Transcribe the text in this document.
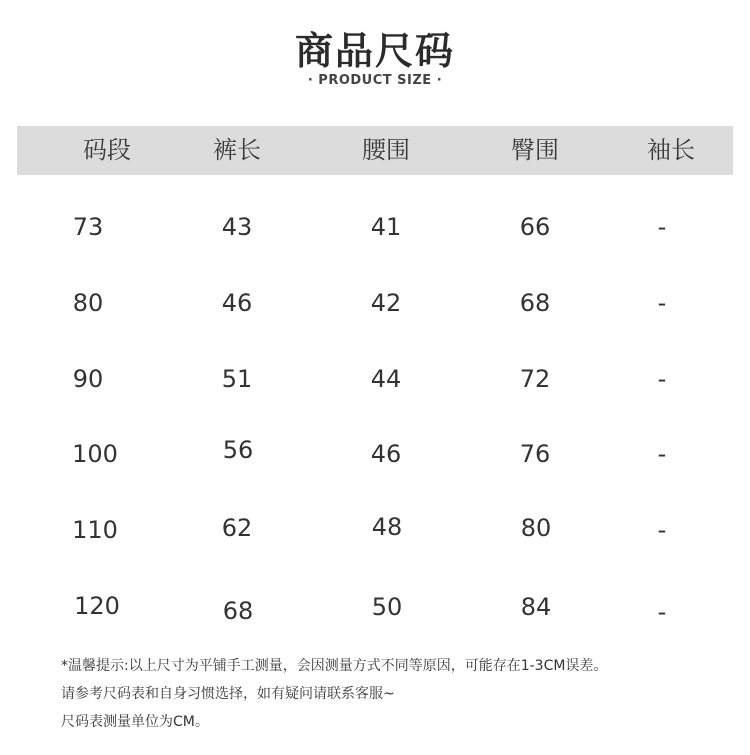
商品尺码
· PRODUCT SIZE ·
码段	裤长	腰围	臀围	袖长
73	43	41	66	-
80	46	42	68	-
90	51	44	72	-
100	56	46	76	-
110	62	48	80	-
120	68	50	84	-
*温馨提示:以上尺寸为平铺手工测量，会因测量方式不同等原因，可能存在1-3CM误差。
请参考尺码表和自身习惯选择，如有疑问请联系客服~
尺码表测量单位为CM。
